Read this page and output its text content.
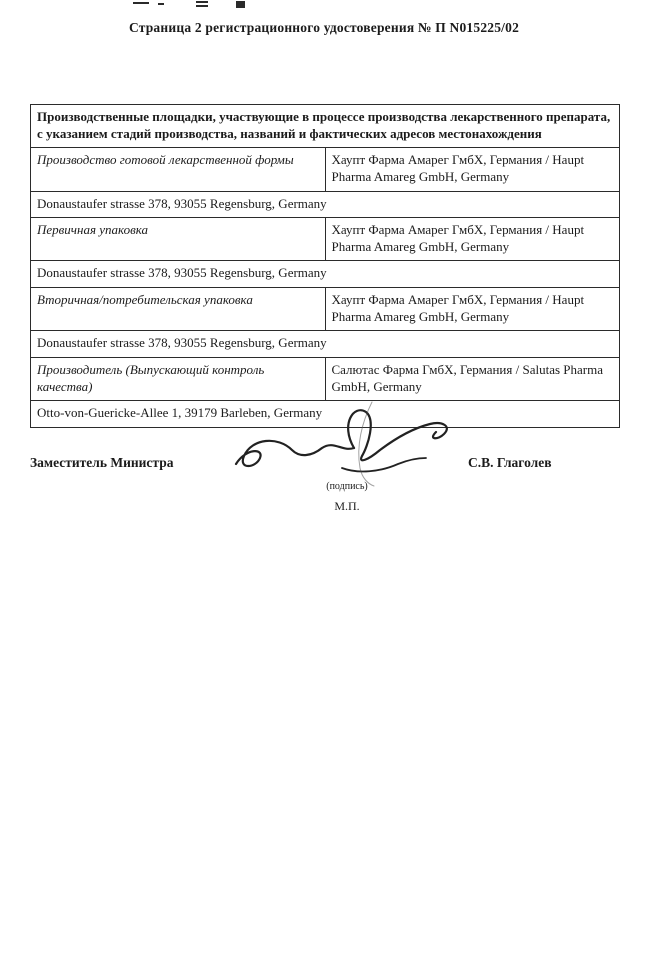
Страница 2 регистрационного удостоверения № П N015225/02
Производственные площадки, участвующие в процессе производства лекарственного препарата, с указанием стадий производства, названий и фактических адресов местонахождения	
Производство готовой лекарственной формы	Хаупт Фарма Амарег ГмбХ, Германия / Haupt Pharma Amareg GmbH, Germany
Donaustaufer strasse 378, 93055 Regensburg, Germany	
Первичная упаковка	Хаупт Фарма Амарег ГмбХ, Германия / Haupt Pharma Amareg GmbH, Germany
Donaustaufer strasse 378, 93055 Regensburg, Germany	
Вторичная/потребительская упаковка	Хаупт Фарма Амарег ГмбХ, Германия / Haupt Pharma Amareg GmbH, Germany
Donaustaufer strasse 378, 93055 Regensburg, Germany	
Производитель (Выпускающий контроль качества)	Салютас Фарма ГмбХ, Германия / Salutas Pharma GmbH, Germany
Otto-von-Guericke-Allee 1, 39179 Barleben, Germany	
Заместитель Министра	С.В. Глаголев
(подпись)
М.П.
